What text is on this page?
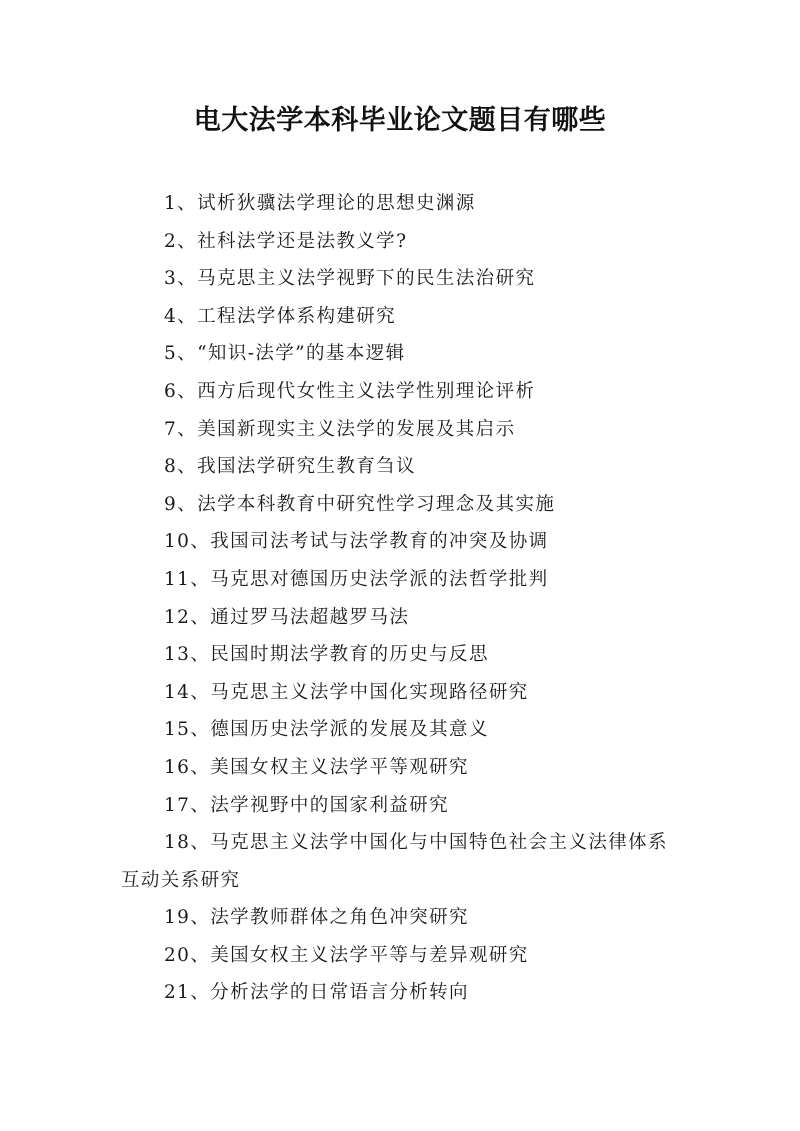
电大法学本科毕业论文题目有哪些
1、试析狄骥法学理论的思想史渊源
2、社科法学还是法教义学?
3、马克思主义法学视野下的民生法治研究
4、工程法学体系构建研究
5、“知识-法学”的基本逻辑
6、西方后现代女性主义法学性别理论评析
7、美国新现实主义法学的发展及其启示
8、我国法学研究生教育刍议
9、法学本科教育中研究性学习理念及其实施
10、我国司法考试与法学教育的冲突及协调
11、马克思对德国历史法学派的法哲学批判
12、通过罗马法超越罗马法
13、民国时期法学教育的历史与反思
14、马克思主义法学中国化实现路径研究
15、德国历史法学派的发展及其意义
16、美国女权主义法学平等观研究
17、法学视野中的国家利益研究
18、马克思主义法学中国化与中国特色社会主义法律体系互动关系研究
19、法学教师群体之角色冲突研究
20、美国女权主义法学平等与差异观研究
21、分析法学的日常语言分析转向
